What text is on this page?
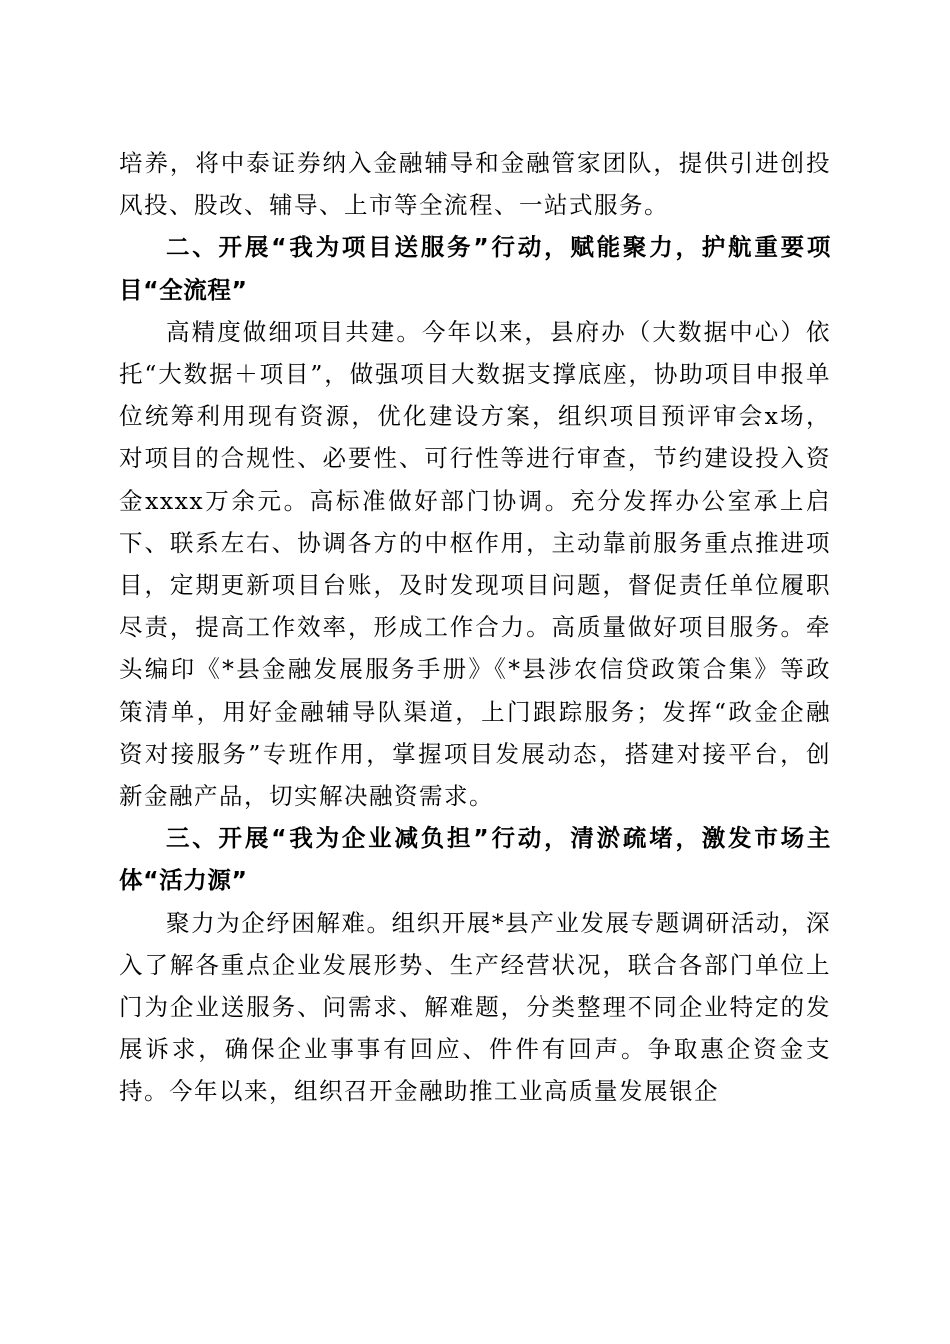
培养，将中泰证券纳入金融辅导和金融管家团队，提供引进创投风投、股改、辅导、上市等全流程、一站式服务。

二、开展“我为项目送服务”行动，赋能聚力，护航重要项目“全流程”

高精度做细项目共建。今年以来，县府办（大数据中心）依托“大数据＋项目”，做强项目大数据支撑底座，协助项目申报单位统筹利用现有资源，优化建设方案，组织项目预评审会x场，对项目的合规性、必要性、可行性等进行审查，节约建设投入资金xxxx万余元。高标准做好部门协调。充分发挥办公室承上启下、联系左右、协调各方的中枢作用，主动靠前服务重点推进项目，定期更新项目台账，及时发现项目问题，督促责任单位履职尽责，提高工作效率，形成工作合力。高质量做好项目服务。牵头编印《*县金融发展服务手册》《*县涉农信贷政策合集》等政策清单，用好金融辅导队渠道，上门跟踪服务；发挥“政金企融资对接服务”专班作用，掌握项目发展动态，搭建对接平台，创新金融产品，切实解决融资需求。

三、开展“我为企业减负担”行动，清淤疏堵，激发市场主体“活力源”

聚力为企纾困解难。组织开展*县产业发展专题调研活动，深入了解各重点企业发展形势、生产经营状况，联合各部门单位上门为企业送服务、问需求、解难题，分类整理不同企业特定的发展诉求，确保企业事事有回应、件件有回声。争取惠企资金支持。今年以来，组织召开金融助推工业高质量发展银企
